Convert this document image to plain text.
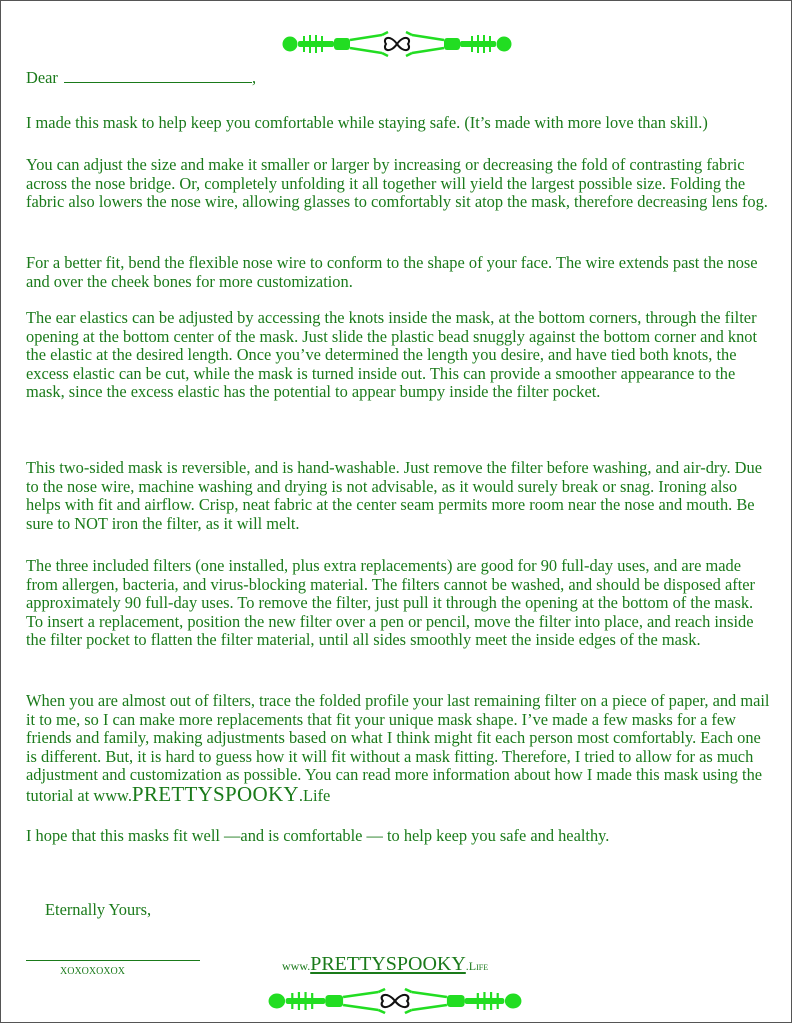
Dear	,

I made this mask to help keep you comfortable while staying safe. (It’s made with more love than skill.)

You can adjust the size and make it smaller or larger by increasing or decreasing the fold of contrasting fabric across the nose bridge. Or, completely unfolding it all together will yield the largest possible size. Folding the fabric also lowers the nose wire, allowing glasses to comfortably sit atop the mask, therefore decreasing lens fog.

For a better fit, bend the flexible nose wire to conform to the shape of your face. The wire extends past the nose and over the cheek bones for more customization.

The ear elastics can be adjusted by accessing the knots inside the mask, at the bottom corners, through the filter opening at the bottom center of the mask. Just slide the plastic bead snuggly against the bottom corner and knot the elastic at the desired length. Once you’ve determined the length you desire, and have tied both knots, the excess elastic can be cut, while the mask is turned inside out. This can provide a smoother appearance to the mask, since the excess elastic has the potential to appear bumpy inside the filter pocket.

This two-sided mask is reversible, and is hand-washable. Just remove the filter before washing, and air-dry. Due to the nose wire, machine washing and drying is not advisable, as it would surely break or snag. Ironing also helps with fit and airflow. Crisp, neat fabric at the center seam permits more room near the nose and mouth. Be sure to NOT iron the filter, as it will melt.

The three included filters (one installed, plus extra replacements) are good for 90 full-day uses, and are made from allergen, bacteria, and virus-blocking material. The filters cannot be washed, and should be disposed after approximately 90 full-day uses. To remove the filter, just pull it through the opening at the bottom of the mask. To insert a replacement, position the new filter over a pen or pencil, move the filter into place, and reach inside the filter pocket to flatten the filter material, until all sides smoothly meet the inside edges of the mask.

When you are almost out of filters, trace the folded profile your last remaining filter on a piece of paper, and mail it to me, so I can make more replacements that fit your unique mask shape. I’ve made a few masks for a few friends and family, making adjustments based on what I think might fit each person most comfortably. Each one is different. But, it is hard to guess how it will fit without a mask fitting. Therefore, I tried to allow for as much adjustment and customization as possible. You can read more information about how I made this mask using the tutorial at www.PRETTYSPOOKY.Life

I hope that this masks fit well —and is comfortable — to help keep you safe and healthy.

Eternally Yours,
xoxoxoxox	www.PRETTYSPOOKY.Life
